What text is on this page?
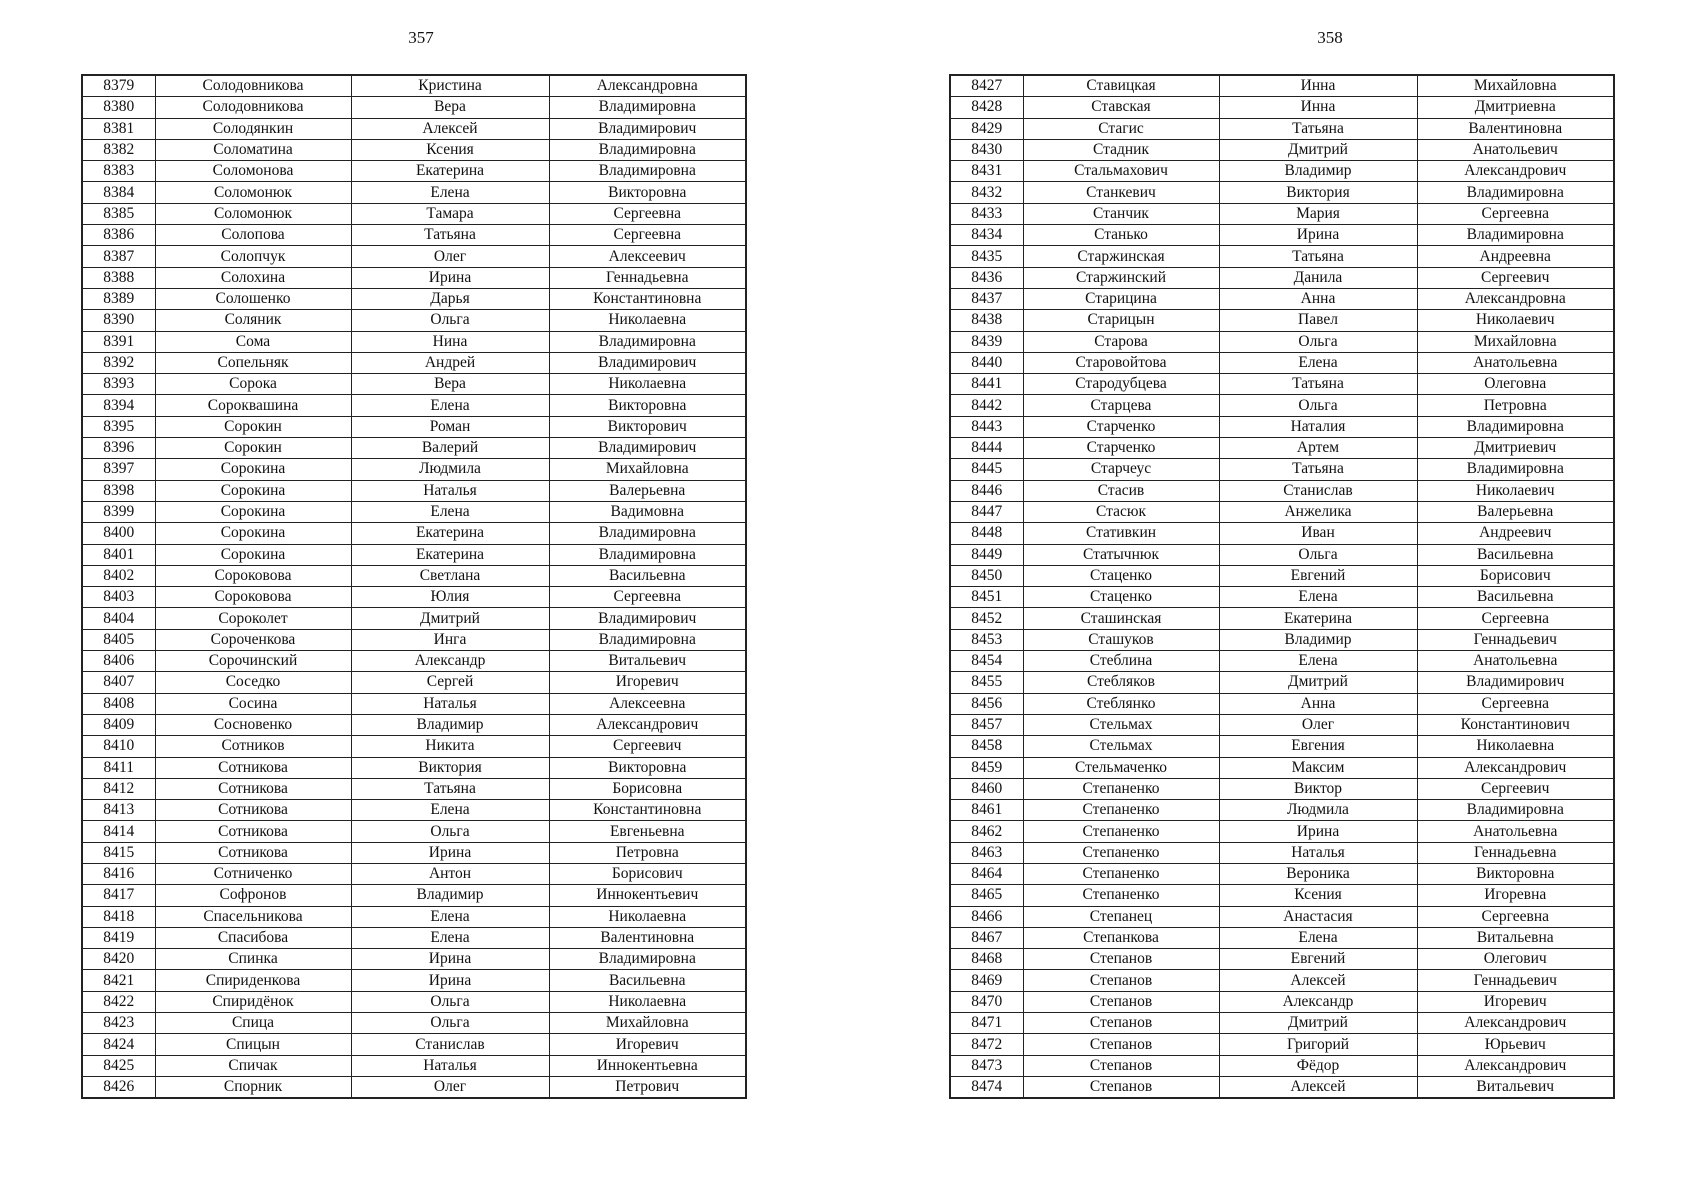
357
8379	Солодовникова	Кристина	Александровна
8380	Солодовникова	Вера	Владимировна
8381	Солодянкин	Алексей	Владимирович
8382	Соломатина	Ксения	Владимировна
8383	Соломонова	Екатерина	Владимировна
8384	Соломонюк	Елена	Викторовна
8385	Соломонюк	Тамара	Сергеевна
8386	Солопова	Татьяна	Сергеевна
8387	Солопчук	Олег	Алексеевич
8388	Солохина	Ирина	Геннадьевна
8389	Солошенко	Дарья	Константиновна
8390	Соляник	Ольга	Николаевна
8391	Сома	Нина	Владимировна
8392	Сопельняк	Андрей	Владимирович
8393	Сорока	Вера	Николаевна
8394	Сороквашина	Елена	Викторовна
8395	Сорокин	Роман	Викторович
8396	Сорокин	Валерий	Владимирович
8397	Сорокина	Людмила	Михайловна
8398	Сорокина	Наталья	Валерьевна
8399	Сорокина	Елена	Вадимовна
8400	Сорокина	Екатерина	Владимировна
8401	Сорокина	Екатерина	Владимировна
8402	Сороковова	Светлана	Васильевна
8403	Сороковова	Юлия	Сергеевна
8404	Сороколет	Дмитрий	Владимирович
8405	Сороченкова	Инга	Владимировна
8406	Сорочинский	Александр	Витальевич
8407	Соседко	Сергей	Игоревич
8408	Сосина	Наталья	Алексеевна
8409	Сосновенко	Владимир	Александрович
8410	Сотников	Никита	Сергеевич
8411	Сотникова	Виктория	Викторовна
8412	Сотникова	Татьяна	Борисовна
8413	Сотникова	Елена	Константиновна
8414	Сотникова	Ольга	Евгеньевна
8415	Сотникова	Ирина	Петровна
8416	Сотниченко	Антон	Борисович
8417	Софронов	Владимир	Иннокентьевич
8418	Спасельникова	Елена	Николаевна
8419	Спасибова	Елена	Валентиновна
8420	Спинка	Ирина	Владимировна
8421	Спириденкова	Ирина	Васильевна
8422	Спиридёнок	Ольга	Николаевна
8423	Спица	Ольга	Михайловна
8424	Спицын	Станислав	Игоревич
8425	Спичак	Наталья	Иннокентьевна
8426	Спорник	Олег	Петрович
358
8427	Ставицкая	Инна	Михайловна
8428	Ставская	Инна	Дмитриевна
8429	Стагис	Татьяна	Валентиновна
8430	Стадник	Дмитрий	Анатольевич
8431	Стальмахович	Владимир	Александрович
8432	Станкевич	Виктория	Владимировна
8433	Станчик	Мария	Сергеевна
8434	Станько	Ирина	Владимировна
8435	Старжинская	Татьяна	Андреевна
8436	Старжинский	Данила	Сергеевич
8437	Старицина	Анна	Александровна
8438	Старицын	Павел	Николаевич
8439	Старова	Ольга	Михайловна
8440	Старовойтова	Елена	Анатольевна
8441	Стародубцева	Татьяна	Олеговна
8442	Старцева	Ольга	Петровна
8443	Старченко	Наталия	Владимировна
8444	Старченко	Артем	Дмитриевич
8445	Старчеус	Татьяна	Владимировна
8446	Стасив	Станислав	Николаевич
8447	Стасюк	Анжелика	Валерьевна
8448	Стативкин	Иван	Андреевич
8449	Статычнюк	Ольга	Васильевна
8450	Стаценко	Евгений	Борисович
8451	Стаценко	Елена	Васильевна
8452	Сташинская	Екатерина	Сергеевна
8453	Сташуков	Владимир	Геннадьевич
8454	Стеблина	Елена	Анатольевна
8455	Стебляков	Дмитрий	Владимирович
8456	Стеблянко	Анна	Сергеевна
8457	Стельмах	Олег	Константинович
8458	Стельмах	Евгения	Николаевна
8459	Стельмаченко	Максим	Александрович
8460	Степаненко	Виктор	Сергеевич
8461	Степаненко	Людмила	Владимировна
8462	Степаненко	Ирина	Анатольевна
8463	Степаненко	Наталья	Геннадьевна
8464	Степаненко	Вероника	Викторовна
8465	Степаненко	Ксения	Игоревна
8466	Степанец	Анастасия	Сергеевна
8467	Степанкова	Елена	Витальевна
8468	Степанов	Евгений	Олегович
8469	Степанов	Алексей	Геннадьевич
8470	Степанов	Александр	Игоревич
8471	Степанов	Дмитрий	Александрович
8472	Степанов	Григорий	Юрьевич
8473	Степанов	Фёдор	Александрович
8474	Степанов	Алексей	Витальевич
